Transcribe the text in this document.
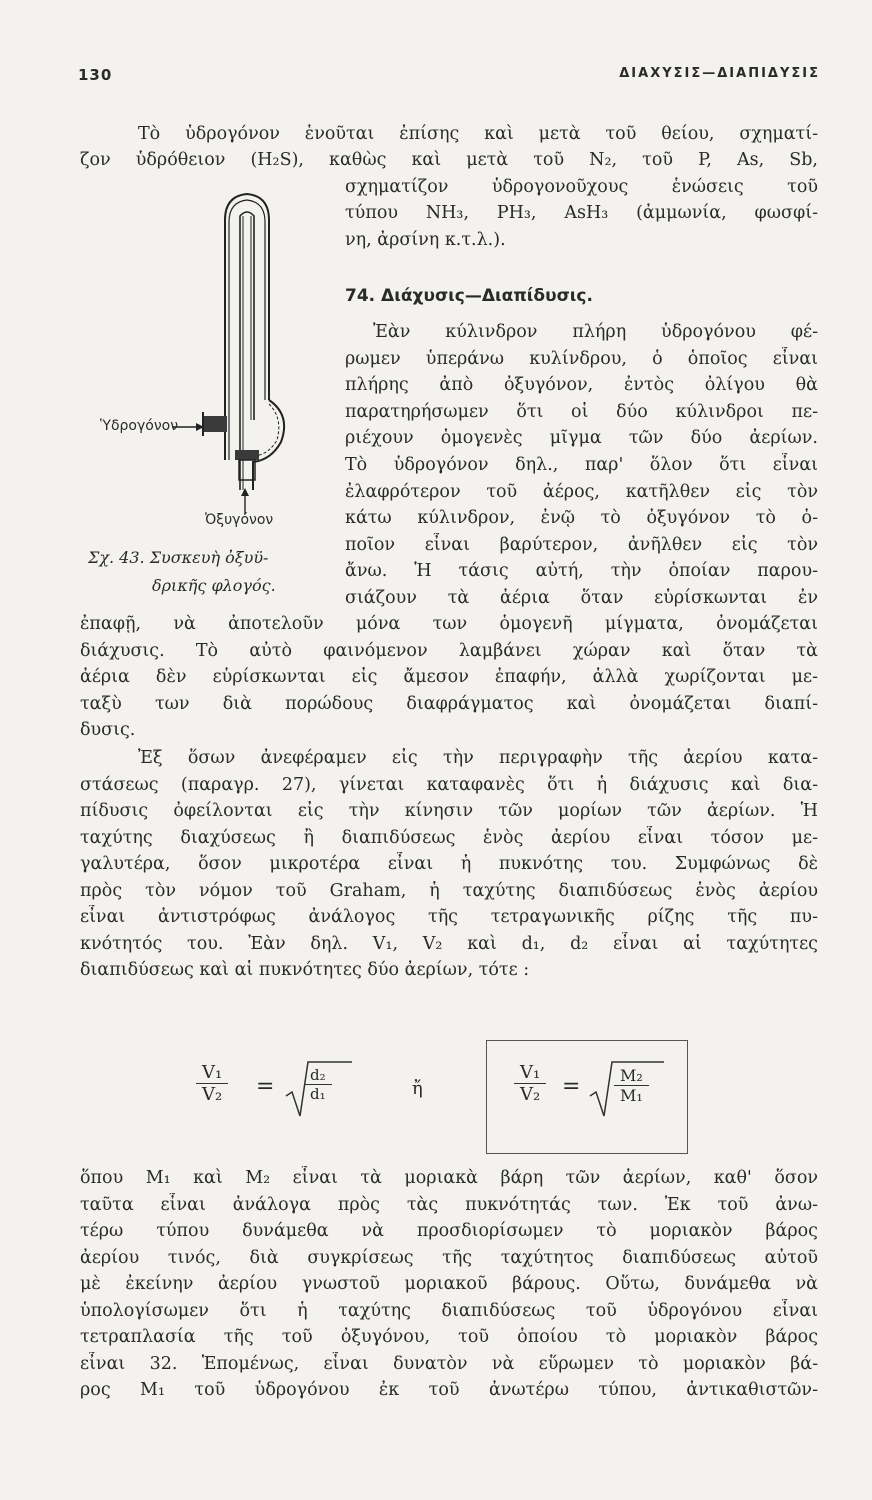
130	ΔΙΑΧΥΣΙΣ—ΔΙΑΠΙΔΥΣΙΣ
Τὸ ὑδρογόνον ἑνοῦται ἐπίσης καὶ μετὰ τοῦ θείου, σχηματί-
ζον ὑδρόθειον (H₂S), καθὼς καὶ μετὰ τοῦ N₂, τοῦ P, As, Sb,
σχηματίζον ὑδρογονοῦχους ἑνώσεις τοῦ
τύπου NH₃, PH₃, AsH₃ (ἀμμωνία, φωσφί-
νη, ἀρσίνη κ.τ.λ.).
74. Διάχυσις—Διαπίδυσις.
Ἐὰν κύλινδρον πλήρη ὑδρογόνου φέ-
ρωμεν ὑπεράνω κυλίνδρου, ὁ ὁποῖος εἶναι
πλήρης ἀπὸ ὀξυγόνον, ἐντὸς ὀλίγου θὰ
παρατηρήσωμεν ὅτι οἱ δύο κύλινδροι πε-
ριέχουν ὁμογενὲς μῖγμα τῶν δύο ἀερίων.
Τὸ ὑδρογόνον δηλ., παρ' ὅλον ὅτι εἶναι
ἐλαφρότερον τοῦ ἀέρος, κατῆλθεν εἰς τὸν
κάτω κύλινδρον, ἐνῷ τὸ ὀξυγόνον τὸ ὁ-
ποῖον εἶναι βαρύτερον, ἀνῆλθεν εἰς τὸν
ἄνω. Ἡ τάσις αὐτή, τὴν ὁποίαν παρου-
σιάζουν τὰ ἀέρια ὅταν εὑρίσκωνται ἐν
ἐπαφῇ, νὰ ἀποτελοῦν μόνα των ὁμογενῆ μίγματα, ὀνομάζεται
διάχυσις. Τὸ αὐτὸ φαινόμενον λαμβάνει χώραν καὶ ὅταν τὰ
ἀέρια δὲν εὑρίσκωνται εἰς ἄμεσον ἐπαφήν, ἀλλὰ χωρίζονται με-
ταξὺ των διὰ πορώδους διαφράγματος καὶ ὀνομάζεται διαπί-
δυσις.
Ἐξ ὅσων ἀνεφέραμεν εἰς τὴν περιγραφὴν τῆς ἀερίου κατα-
στάσεως (παραγρ. 27), γίνεται καταφανὲς ὅτι ἡ διάχυσις καὶ δια-
πίδυσις ὀφείλονται εἰς τὴν κίνησιν τῶν μορίων τῶν ἀερίων. Ἡ
ταχύτης διαχύσεως ἢ διαπιδύσεως ἑνὸς ἀερίου εἶναι τόσον με-
γαλυτέρα, ὅσον μικροτέρα εἶναι ἡ πυκνότης του. Συμφώνως δὲ
πρὸς τὸν νόμον τοῦ Graham, ἡ ταχύτης διαπιδύσεως ἑνὸς ἀερίου
εἶναι ἀντιστρόφως ἀνάλογος τῆς τετραγωνικῆς ρίζης τῆς πυ-
κνότητός του. Ἐὰν δηλ. V₁, V₂ καὶ d₁, d₂ εἶναι αἱ ταχύτητες
διαπιδύσεως καὶ αἱ πυκνότητες δύο ἀερίων, τότε :
$\frac{\text{V₁}}{\text{V₂}} = \frac{\text{d₂}}{\text{d₁}}$	ἤ	$\frac{\text{V₁}}{\text{V₂}} = \frac{\text{M₂}}{\text{M₁}}$
ὅπου M₁ καὶ M₂ εἶναι τὰ μοριακὰ βάρη τῶν ἀερίων, καθ' ὅσον
ταῦτα εἶναι ἀνάλογα πρὸς τὰς πυκνότητάς των. Ἐκ τοῦ ἀνω-
τέρω τύπου δυνάμεθα νὰ προσδιορίσωμεν τὸ μοριακὸν βάρος
ἀερίου τινός, διὰ συγκρίσεως τῆς ταχύτητος διαπιδύσεως αὐτοῦ
μὲ ἐκείνην ἀερίου γνωστοῦ μοριακοῦ βάρους. Οὕτω, δυνάμεθα νὰ
ὑπολογίσωμεν ὅτι ἡ ταχύτης διαπιδύσεως τοῦ ὑδρογόνου εἶναι
τετραπλασία τῆς τοῦ ὀξυγόνου, τοῦ ὁποίου τὸ μοριακὸν βάρος
εἶναι 32. Ἑπομένως, εἶναι δυνατὸν νὰ εὕρωμεν τὸ μοριακὸν βά-
ρος M₁ τοῦ ὑδρογόνου ἐκ τοῦ ἀνωτέρω τύπου, ἀντικαθιστῶν-
Ὑδρογόνον
Ὀξυγόνον
Σχ. 43. Συσκευὴ ὀξυϋ-
δρικῆς φλογός.
